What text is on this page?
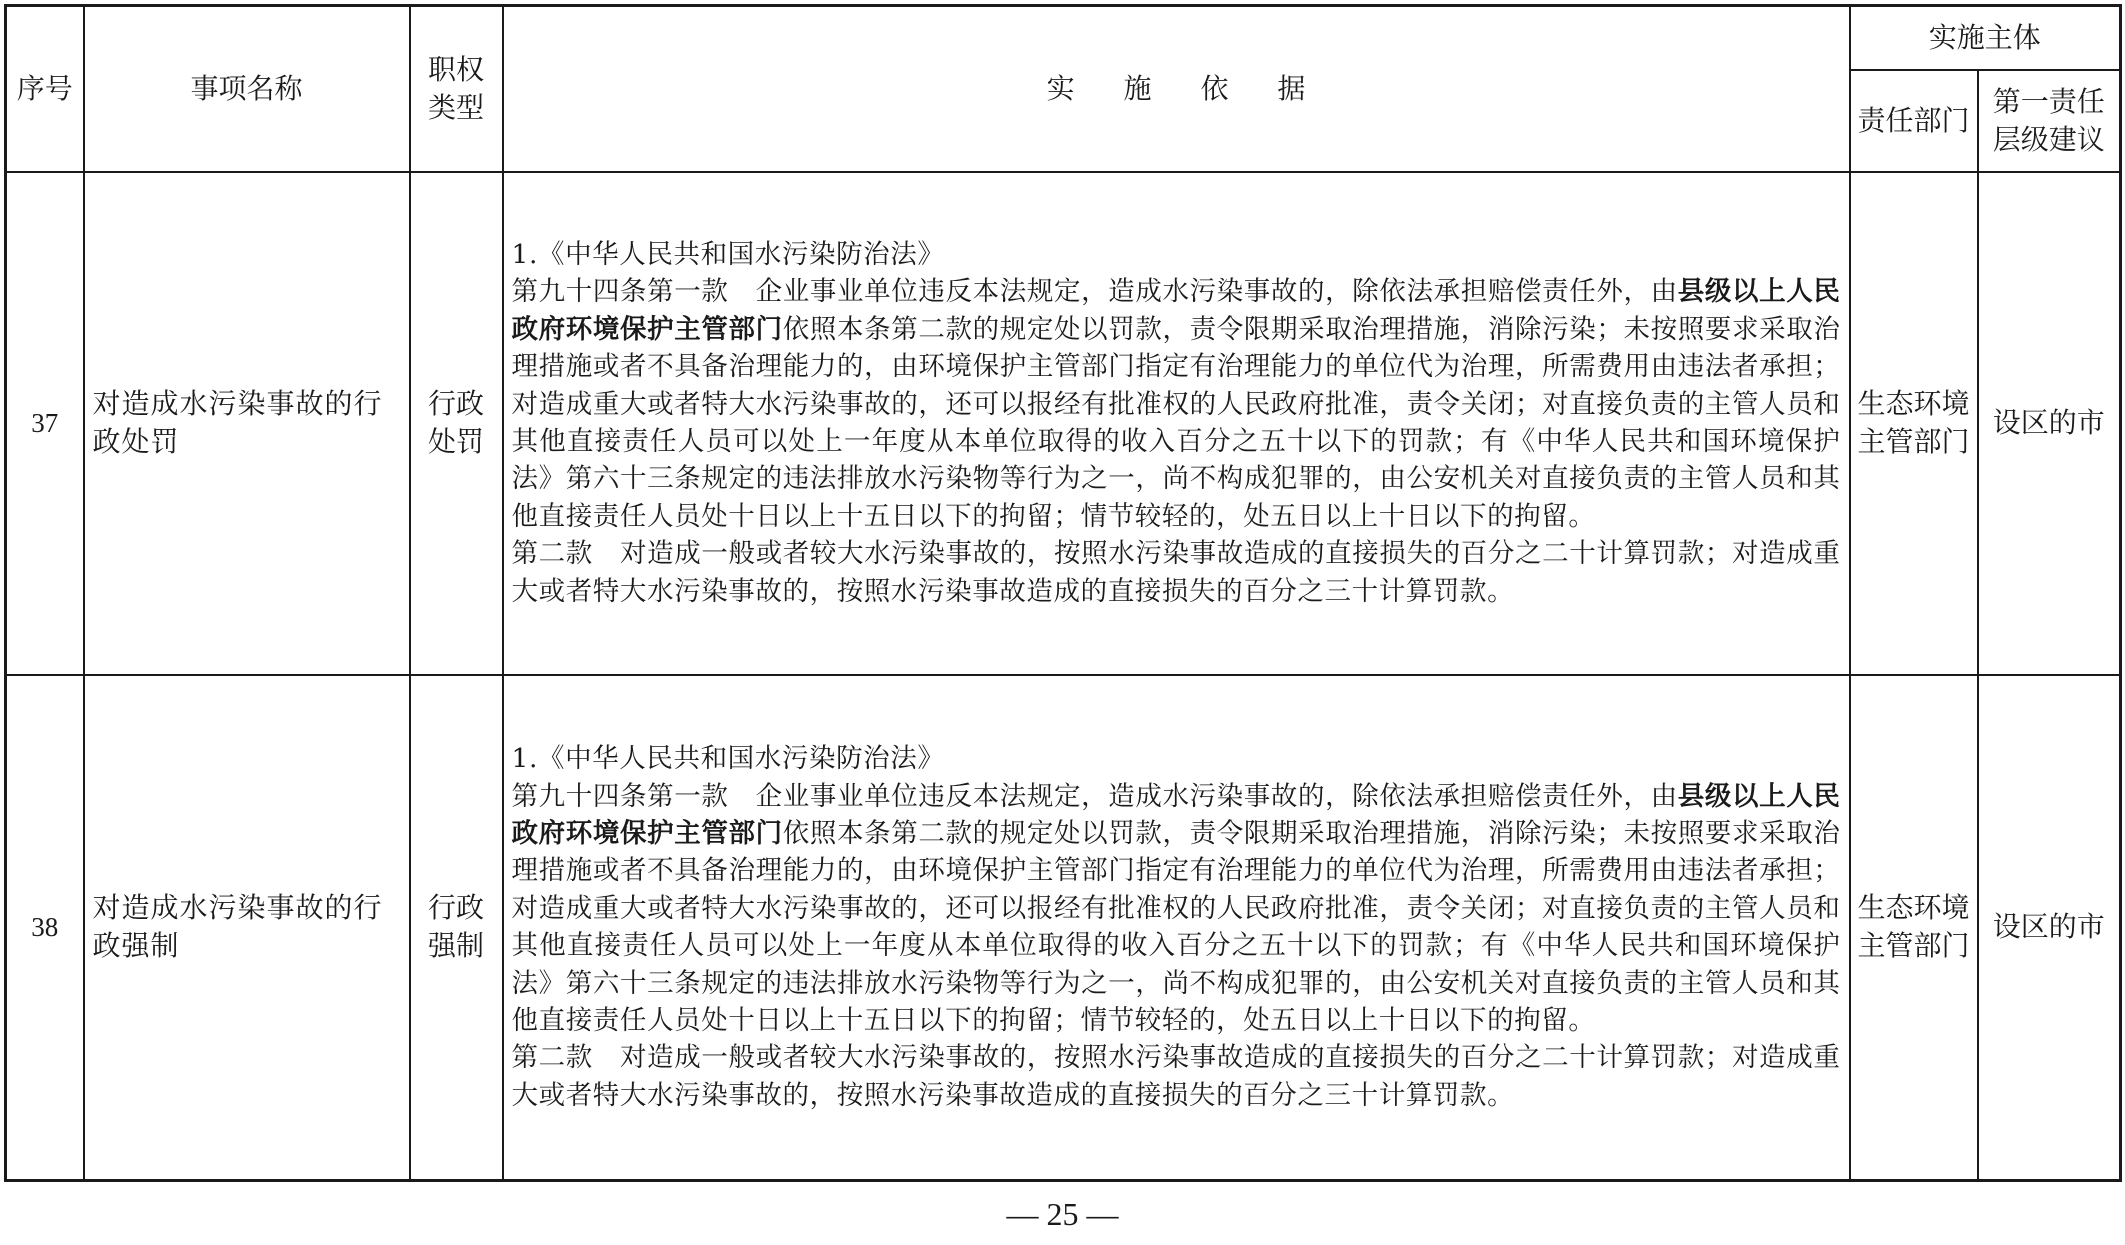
序号	事项名称	职权类型	实 施 依 据	实施主体	
				责任部门	第一责任层级建议
37	对造成水污染事故的行政处罚	行政处罚	1.《中华人民共和国水污染防治法》

第九十四条第一款　企业事业单位违反本法规定，造成水污染事故的，除依法承担赔偿责任外，由县级以上人民政府环境保护主管部门依照本条第二款的规定处以罚款，责令限期采取治理措施，消除污染；未按照要求采取治理措施或者不具备治理能力的，由环境保护主管部门指定有治理能力的单位代为治理，所需费用由违法者承担；对造成重大或者特大水污染事故的，还可以报经有批准权的人民政府批准，责令关闭；对直接负责的主管人员和其他直接责任人员可以处上一年度从本单位取得的收入百分之五十以下的罚款；有《中华人民共和国环境保护法》第六十三条规定的违法排放水污染物等行为之一，尚不构成犯罪的，由公安机关对直接负责的主管人员和其他直接责任人员处十日以上十五日以下的拘留；情节较轻的，处五日以上十日以下的拘留。

第二款　对造成一般或者较大水污染事故的，按照水污染事故造成的直接损失的百分之二十计算罚款；对造成重大或者特大水污染事故的，按照水污染事故造成的直接损失的百分之三十计算罚款。	生态环境主管部门	设区的市
38	对造成水污染事故的行政强制	行政强制	1.《中华人民共和国水污染防治法》

第九十四条第一款　企业事业单位违反本法规定，造成水污染事故的，除依法承担赔偿责任外，由县级以上人民政府环境保护主管部门依照本条第二款的规定处以罚款，责令限期采取治理措施，消除污染；未按照要求采取治理措施或者不具备治理能力的，由环境保护主管部门指定有治理能力的单位代为治理，所需费用由违法者承担；对造成重大或者特大水污染事故的，还可以报经有批准权的人民政府批准，责令关闭；对直接负责的主管人员和其他直接责任人员可以处上一年度从本单位取得的收入百分之五十以下的罚款；有《中华人民共和国环境保护法》第六十三条规定的违法排放水污染物等行为之一，尚不构成犯罪的，由公安机关对直接负责的主管人员和其他直接责任人员处十日以上十五日以下的拘留；情节较轻的，处五日以上十日以下的拘留。

第二款　对造成一般或者较大水污染事故的，按照水污染事故造成的直接损失的百分之二十计算罚款；对造成重大或者特大水污染事故的，按照水污染事故造成的直接损失的百分之三十计算罚款。	生态环境主管部门	设区的市
— 25 —
